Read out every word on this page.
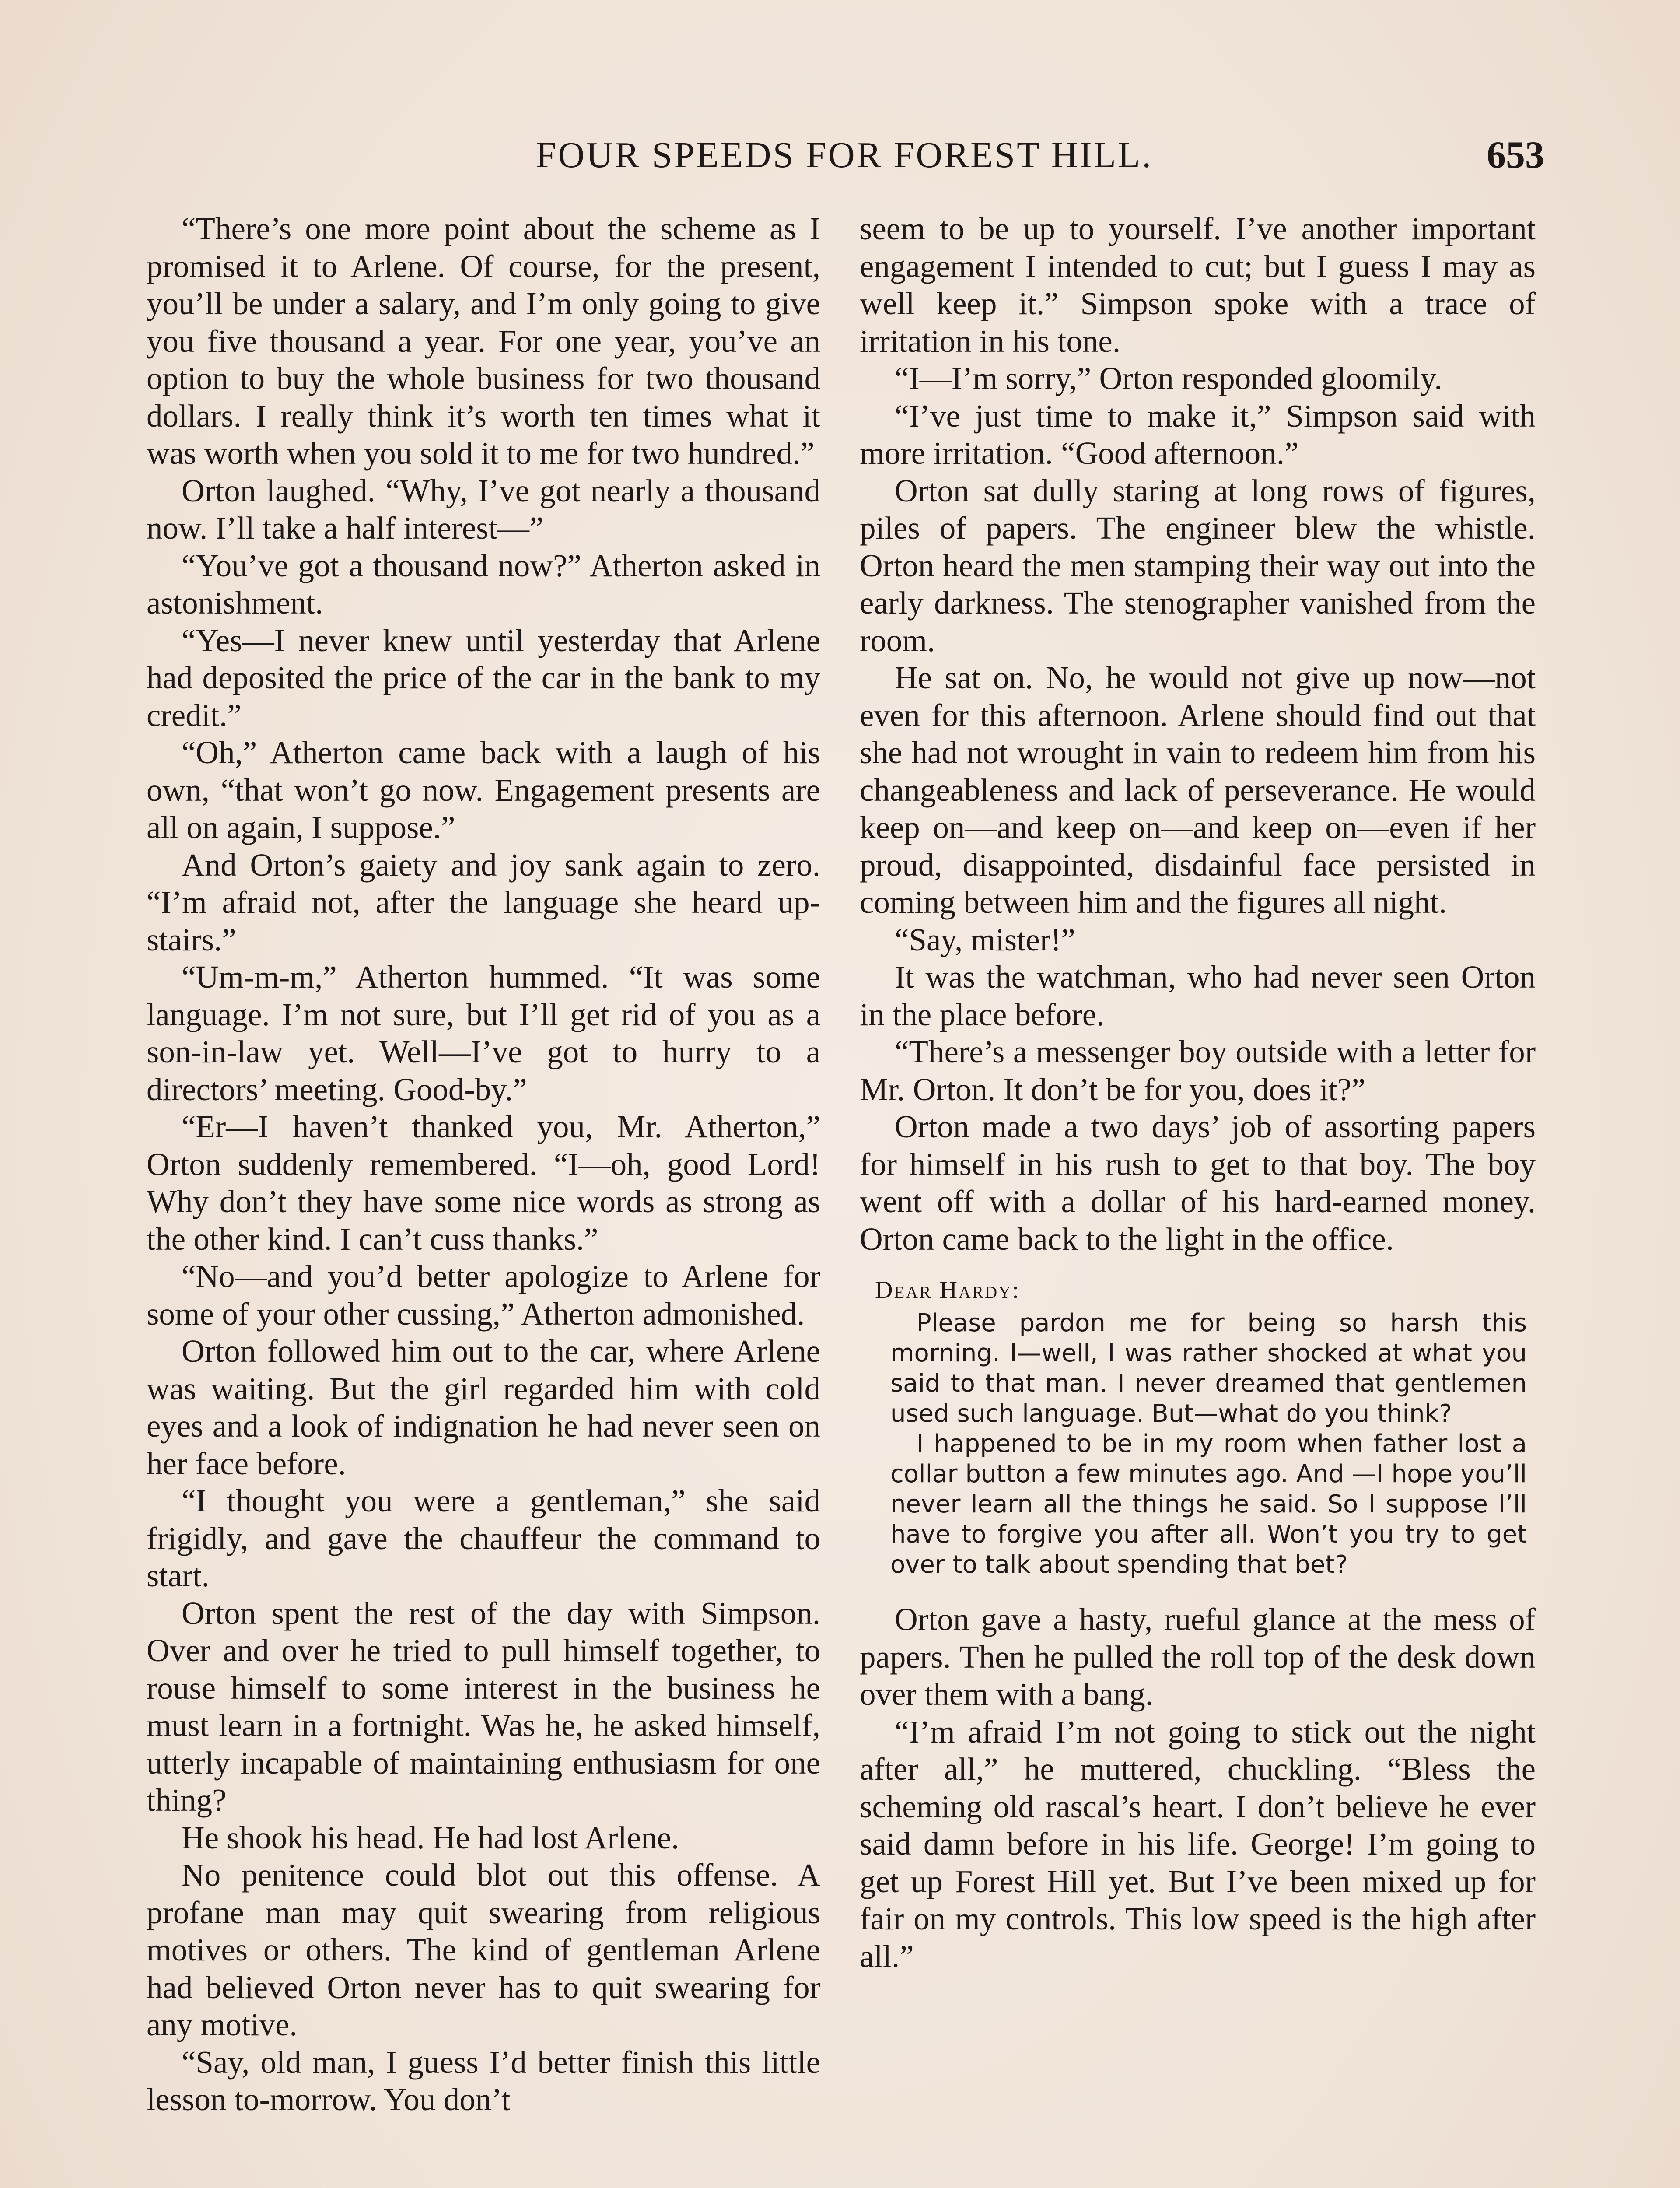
FOUR SPEEDS FOR FOREST HILL.	653

“There’s one more point about the scheme as I promised it to Arlene. Of course, for the present, you’ll be under a salary, and I’m only going to give you five thousand a year. For one year, you’ve an option to buy the whole business for two thousand dollars. I really think it’s worth ten times what it was worth when you sold it to me for two hundred.”

Orton laughed. “Why, I’ve got nearly a thousand now. I’ll take a half interest—”

“You’ve got a thousand now?” Atherton asked in astonishment.

“Yes—I never knew until yesterday that Arlene had deposited the price of the car in the bank to my credit.”

“Oh,” Atherton came back with a laugh of his own, “that won’t go now. Engagement presents are all on again, I suppose.”

And Orton’s gaiety and joy sank again to zero. “I’m afraid not, after the language she heard up-stairs.”

“Um-m-m,” Atherton hummed. “It was some language. I’m not sure, but I’ll get rid of you as a son-in-law yet. Well—I’ve got to hurry to a directors’ meeting. Good-by.”

“Er—I haven’t thanked you, Mr. Atherton,” Orton suddenly remembered. “I—oh, good Lord! Why don’t they have some nice words as strong as the other kind. I can’t cuss thanks.”

“No—and you’d better apologize to Arlene for some of your other cussing,” Atherton admonished.

Orton followed him out to the car, where Arlene was waiting. But the girl regarded him with cold eyes and a look of indignation he had never seen on her face before.

“I thought you were a gentleman,” she said frigidly, and gave the chauffeur the command to start.

Orton spent the rest of the day with Simpson. Over and over he tried to pull himself together, to rouse himself to some interest in the business he must learn in a fortnight. Was he, he asked himself, utterly incapable of maintaining enthusiasm for one thing?

He shook his head. He had lost Arlene.

No penitence could blot out this offense. A profane man may quit swearing from religious motives or others. The kind of gentleman Arlene had believed Orton never has to quit swearing for any motive.

“Say, old man, I guess I’d better finish this little lesson to-morrow. You don’t

seem to be up to yourself. I’ve another important engagement I intended to cut; but I guess I may as well keep it.” Simpson spoke with a trace of irritation in his tone.

“I—I’m sorry,” Orton responded gloomily.

“I’ve just time to make it,” Simpson said with more irritation. “Good afternoon.”

Orton sat dully staring at long rows of figures, piles of papers. The engineer blew the whistle. Orton heard the men stamping their way out into the early darkness. The stenographer vanished from the room.

He sat on. No, he would not give up now—not even for this afternoon. Arlene should find out that she had not wrought in vain to redeem him from his changeableness and lack of perseverance. He would keep on—and keep on—and keep on—even if her proud, disappointed, disdainful face persisted in coming between him and the figures all night.

“Say, mister!”

It was the watchman, who had never seen Orton in the place before.

“There’s a messenger boy outside with a letter for Mr. Orton. It don’t be for you, does it?”

Orton made a two days’ job of assorting papers for himself in his rush to get to that boy. The boy went off with a dollar of his hard-earned money. Orton came back to the light in the office.

Dear Hardy:

Please pardon me for being so harsh this morning. I—well, I was rather shocked at what you said to that man. I never dreamed that gentlemen used such language. But—what do you think?

I happened to be in my room when father lost a collar button a few minutes ago. And —I hope you’ll never learn all the things he said. So I suppose I’ll have to forgive you after all. Won’t you try to get over to talk about spending that bet?

Orton gave a hasty, rueful glance at the mess of papers. Then he pulled the roll top of the desk down over them with a bang.

“I’m afraid I’m not going to stick out the night after all,” he muttered, chuckling. “Bless the scheming old rascal’s heart. I don’t believe he ever said damn before in his life. George! I’m going to get up Forest Hill yet. But I’ve been mixed up for fair on my controls. This low speed is the high after all.”
